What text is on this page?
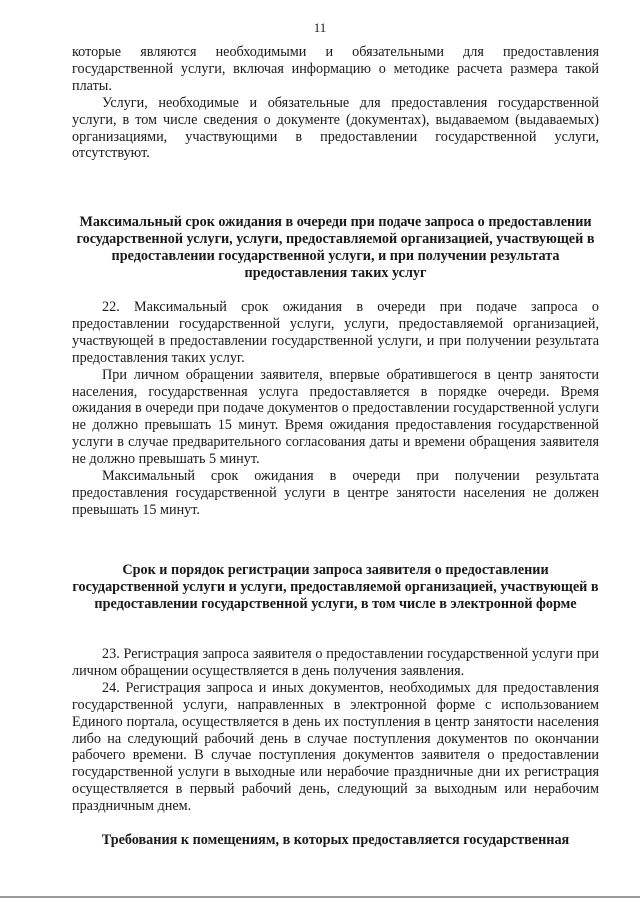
11

которые являются необходимыми и обязательными для предоставления государственной услуги, включая информацию о методике расчета размера такой платы.

Услуги, необходимые и обязательные для предоставления государственной услуги, в том числе сведения о документе (документах), выдаваемом (выдаваемых) организациями, участвующими в предоставлении государственной услуги, отсутствуют.

Максимальный срок ожидания в очереди при подаче запроса о предоставлении государственной услуги, услуги, предоставляемой организацией, участвующей в предоставлении государственной услуги, и при получении результата предоставления таких услуг

22. Максимальный срок ожидания в очереди при подаче запроса о предоставлении государственной услуги, услуги, предоставляемой организацией, участвующей в предоставлении государственной услуги, и при получении результата предоставления таких услуг.

При личном обращении заявителя, впервые обратившегося в центр занятости населения, государственная услуга предоставляется в порядке очереди. Время ожидания в очереди при подаче документов о предоставлении государственной услуги не должно превышать 15 минут. Время ожидания предоставления государственной услуги в случае предварительного согласования даты и времени обращения заявителя не должно превышать 5 минут.

Максимальный срок ожидания в очереди при получении результата предоставления государственной услуги в центре занятости населения не должен превышать 15 минут.

Срок и порядок регистрации запроса заявителя о предоставлении государственной услуги и услуги, предоставляемой организацией, участвующей в предоставлении государственной услуги, в том числе в электронной форме

23. Регистрация запроса заявителя о предоставлении государственной услуги при личном обращении осуществляется в день получения заявления.

24. Регистрация запроса и иных документов, необходимых для предоставления государственной услуги, направленных в электронной форме с использованием Единого портала, осуществляется в день их поступления в центр занятости населения либо на следующий рабочий день в случае поступления документов по окончании рабочего времени. В случае поступления документов заявителя о предоставлении государственной услуги в выходные или нерабочие праздничные дни их регистрация осуществляется в первый рабочий день, следующий за выходным или нерабочим праздничным днем.

Требования к помещениям, в которых предоставляется государственная
